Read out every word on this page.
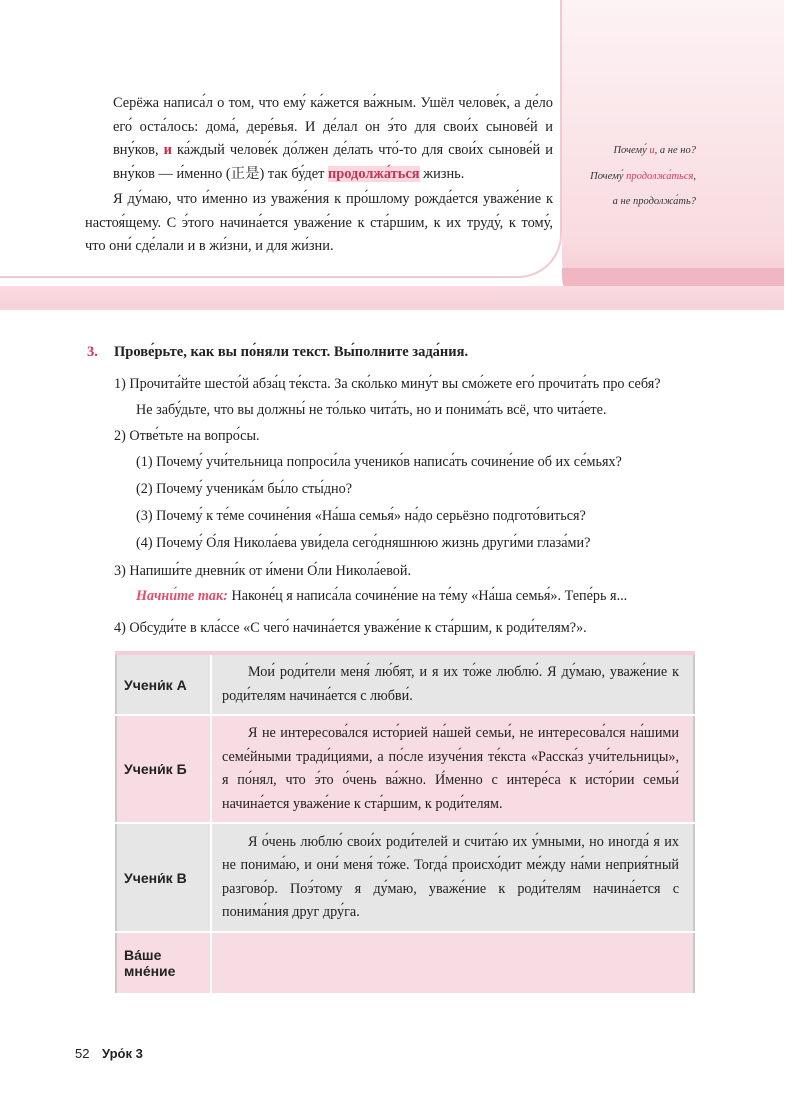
Серёжа написа́л о том, что ему́ ка́жется ва́жным. Ушёл челове́к, а де́ло его́ оста́лось: дома́, дере́вья. И де́лал он э́то для свои́х сынове́й и вну́ков, и ка́ждый челове́к до́лжен де́лать что́-то для свои́х сынове́й и вну́ков — и́менно (正是) так бу́дет продолжа́ться жизнь.

Я ду́маю, что и́менно из уваже́ния к про́шлому рожда́ется уваже́ние к настоя́щему. С э́того начина́ется уваже́ние к ста́ршим, к их труду́, к тому́, что они́ сде́лали и в жи́зни, и для жи́зни.

Почему́ и, а не но?
Почему́ продолжа́ться,
а не продолжа́ть?
3. Прове́рьте, как вы по́няли текст. Вы́полните зада́ния.
1) Прочита́йте шесто́й абза́ц те́кста. За ско́лько мину́т вы смо́жете его́ прочита́ть про себя?
Не забу́дьте, что вы должны́ не то́лько чита́ть, но и понима́ть всё, что чита́ете.
2) Отве́тьте на вопро́сы.
(1) Почему́ учи́тельница попроси́ла ученико́в написа́ть сочине́ние об их се́мьях?
(2) Почему́ ученика́м бы́ло сты́дно?
(3) Почему́ к те́ме сочине́ния «На́ша семья́» на́до серьёзно подгото́виться?
(4) Почему́ О́ля Никола́ева уви́дела сего́дняшнюю жизнь други́ми глаза́ми?
3) Напиши́те дневни́к от и́мени О́ли Никола́евой.
Начни́те так: Наконе́ц я написа́ла сочине́ние на те́му «На́ша семья́». Тепе́рь я...
4) Обсуди́те в кла́ссе «С чего́ начина́ется уваже́ние к ста́ршим, к роди́телям?».
Учени́к А	Мои́ роди́тели меня́ лю́бят, и я их то́же люблю́. Я ду́маю, уваже́ние к роди́телям начина́ется с любви́.
Учени́к Б	Я не интересова́лся исто́рией на́шей семьи́, не интересова́лся на́шими семе́йными тради́циями, а по́сле изуче́ния те́кста «Расска́з учи́тельницы», я по́нял, что э́то о́чень ва́жно. И́менно с интере́са к исто́рии семьи́ начина́ется уваже́ние к ста́ршим, к роди́телям.
Учени́к В	Я о́чень люблю́ свои́х роди́телей и счита́ю их у́мными, но иногда́ я их не понима́ю, и они́ меня́ то́же. Тогда́ происхо́дит ме́жду на́ми неприя́тный разгово́р. Поэ́тому я ду́маю, уваже́ние к роди́телям начина́ется с понима́ния друг дру́га.
Ва́ше мне́ние	
52 Уро́к 3
